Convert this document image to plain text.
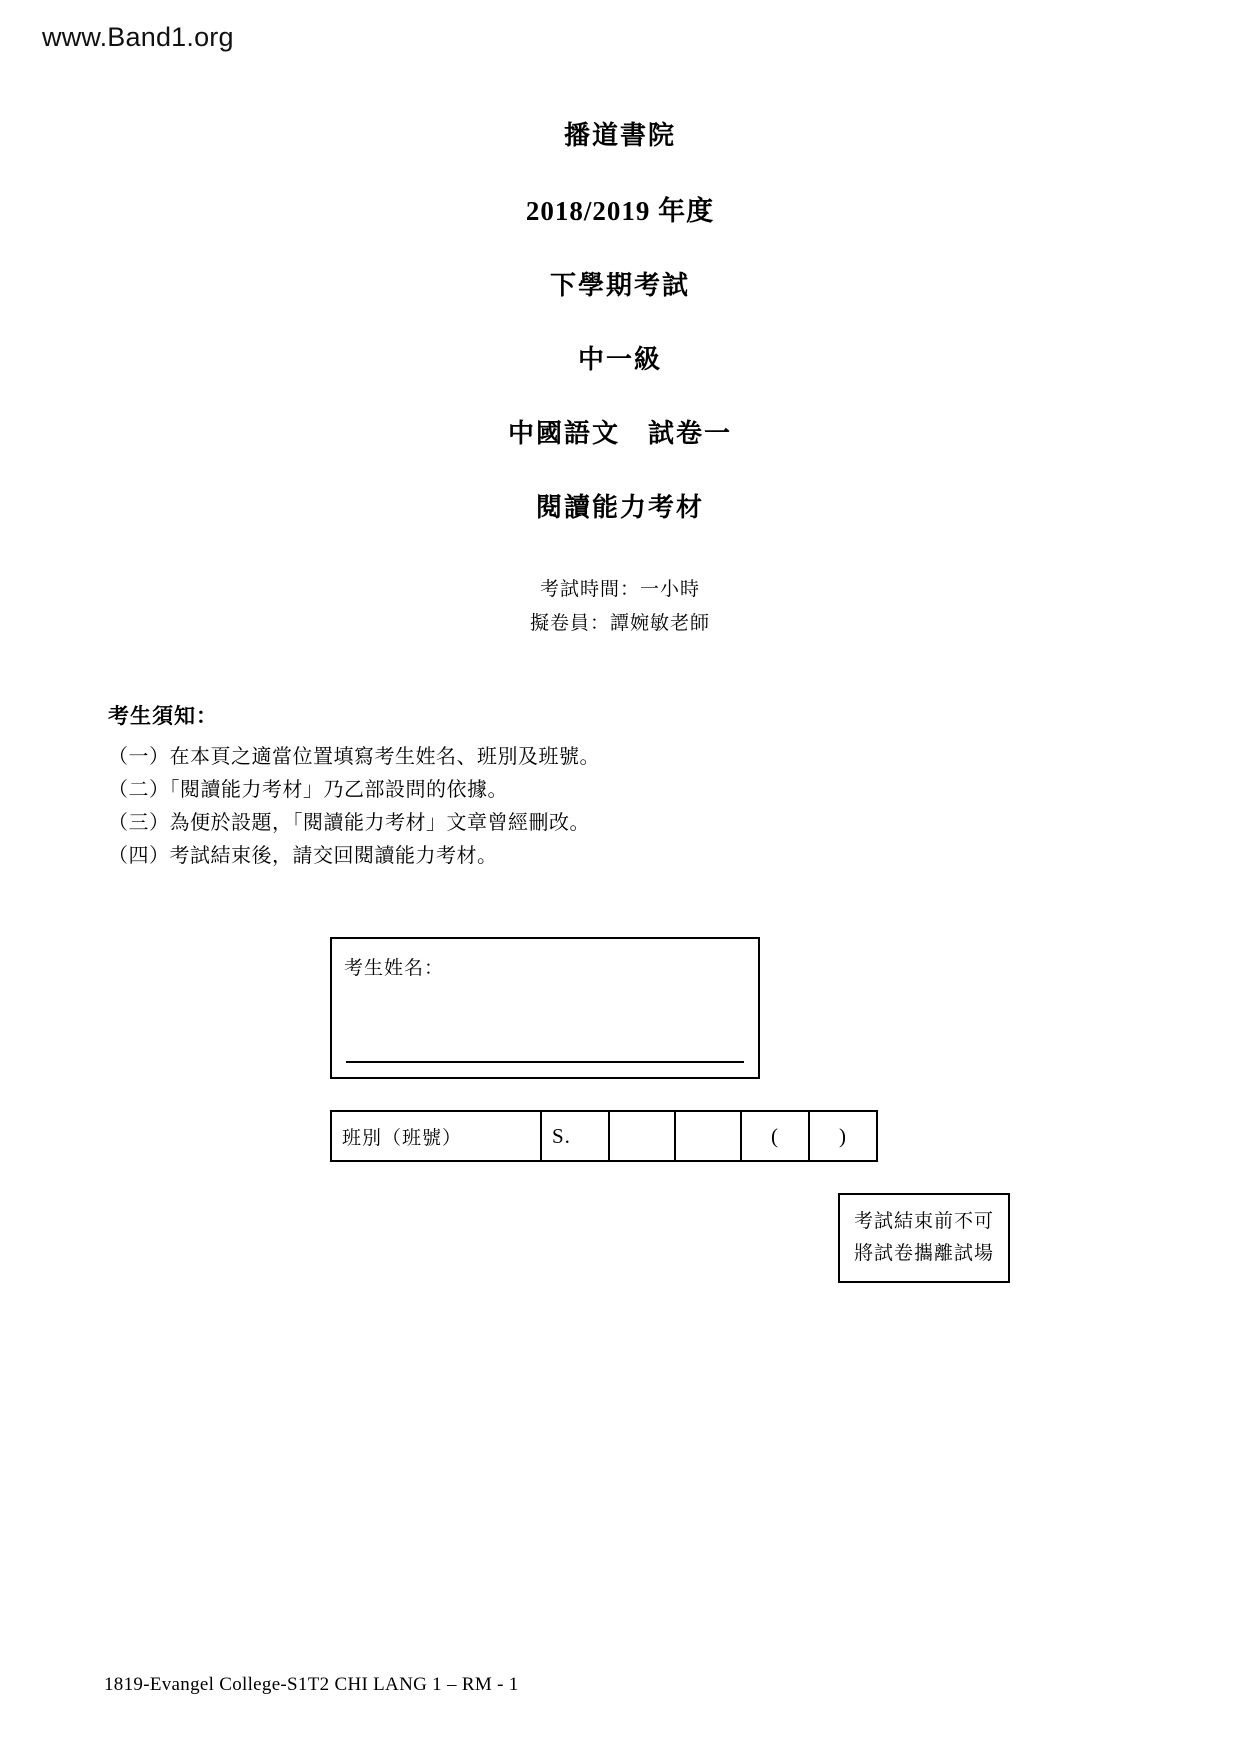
www.Band1.org
播道書院
2018/2019 年度
下學期考試
中一級
中國語文　試卷一
閱讀能力考材
考試時間：一小時
擬卷員：譚婉敏老師
考生須知：
（一）在本頁之適當位置填寫考生姓名、班別及班號。
（二）「閱讀能力考材」乃乙部設問的依據。
（三）為便於設題，「閱讀能力考材」文章曾經刪改。
（四）考試結束後，請交回閱讀能力考材。
考生姓名：
班別（班號）	S.			(	)
考試結束前不可
將試卷攜離試場
1819-Evangel College-S1T2 CHI LANG 1 – RM - 1
